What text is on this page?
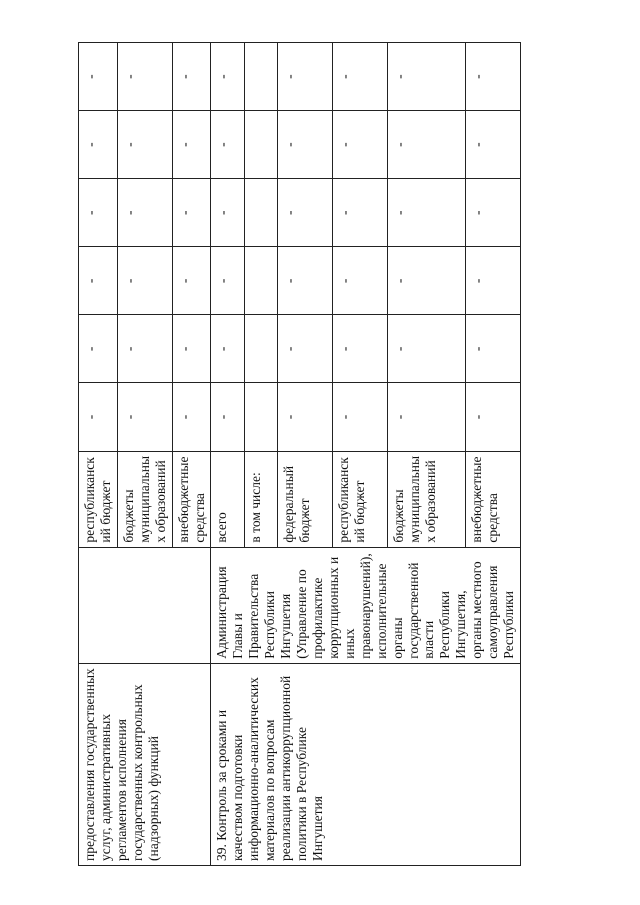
предоставления государственных услуг, административных регламентов исполнения государственных контрольных (надзорных) функций		республиканский бюджет	-	-	-	-	-	-
		бюджеты муниципальных образований	-	-	-	-	-	-
		внебюджетные средства	-	-	-	-	-	-
39. Контроль за сроками и качеством подготовки информационно-аналитических материалов по вопросам реализации антикоррупционной политики в Республике Ингушетия	Администрация Главы и Правительства Республики Ингушетия (Управление по профилактике коррупционных и иных правонарушений), исполнительные органы государственной власти Республики Ингушетия, органы местного самоуправления Республики	всего	-	-	-	-	-	-
		в том числе:						
		федеральный бюджет	-	-	-	-	-	-
		республиканский бюджет	-	-	-	-	-	-
		бюджеты муниципальных образований	-	-	-	-	-	-
		внебюджетные средства	-	-	-	-	-	-
